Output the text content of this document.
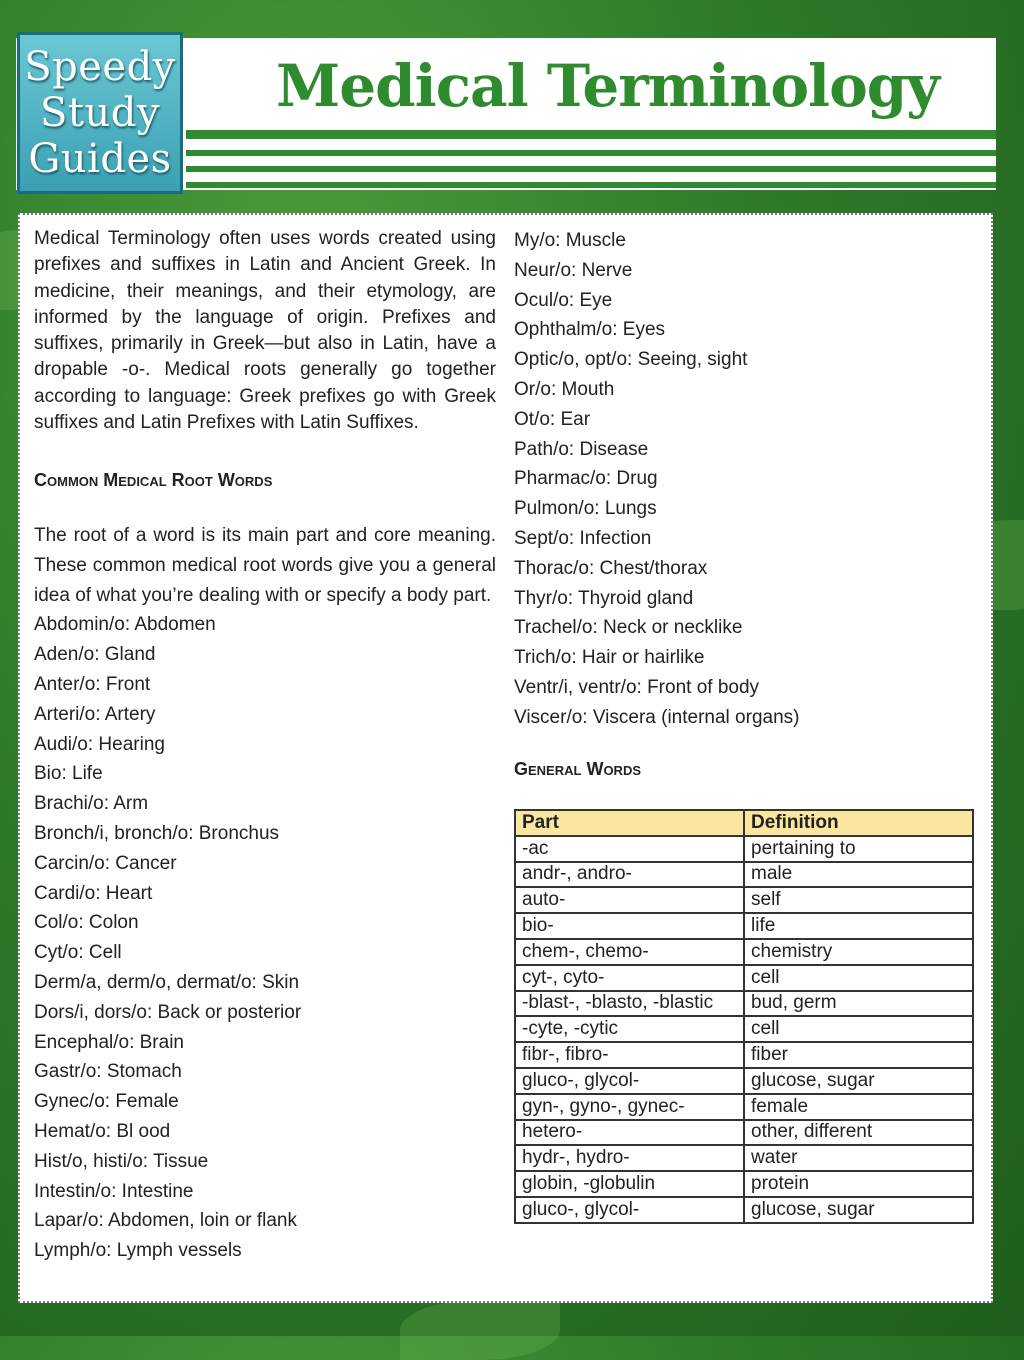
Speedy
Study
Guides
Medical Terminology

Medical Terminology often uses words created using prefixes and suffixes in Latin and Ancient Greek. In medicine, their meanings, and their etymology, are informed by the language of origin. Prefixes and suffixes, primarily in Greek—but also in Latin, have a dropable -o-. Medical roots generally go together according to language: Greek prefixes go with Greek suffixes and Latin Prefixes with Latin Suffixes.

Common Medical Root Words

The root of a word is its main part and core meaning. These common medical root words give you a general idea of what you’re dealing with or specify a body part.

Abdomin/o: Abdomen
Aden/o: Gland
Anter/o: Front
Arteri/o: Artery
Audi/o: Hearing
Bio: Life
Brachi/o: Arm
Bronch/i, bronch/o: Bronchus
Carcin/o: Cancer
Cardi/o: Heart
Col/o: Colon
Cyt/o: Cell
Derm/a, derm/o, dermat/o: Skin
Dors/i, dors/o: Back or posterior
Encephal/o: Brain
Gastr/o: Stomach
Gynec/o: Female
Hemat/o: Bl ood
Hist/o, histi/o: Tissue
Intestin/o: Intestine
Lapar/o: Abdomen, loin or flank
Lymph/o: Lymph vessels
My/o: Muscle
Neur/o: Nerve
Ocul/o: Eye
Ophthalm/o: Eyes
Optic/o, opt/o: Seeing, sight
Or/o: Mouth
Ot/o: Ear
Path/o: Disease
Pharmac/o: Drug
Pulmon/o: Lungs
Sept/o: Infection
Thorac/o: Chest/thorax
Thyr/o: Thyroid gland
Trachel/o: Neck or necklike
Trich/o: Hair or hairlike
Ventr/i, ventr/o: Front of body
Viscer/o: Viscera (internal organs)
General Words
Part	Definition
-ac	pertaining to
andr-, andro-	male
auto-	self
bio-	life
chem-, chemo-	chemistry
cyt-, cyto-	cell
-blast-, -blasto, -blastic	bud, germ
-cyte, -cytic	cell
fibr-, fibro-	fiber
gluco-, glycol-	glucose, sugar
gyn-, gyno-, gynec-	female
hetero-	other, different
hydr-, hydro-	water
globin, -globulin	protein
gluco-, glycol-	glucose, sugar
